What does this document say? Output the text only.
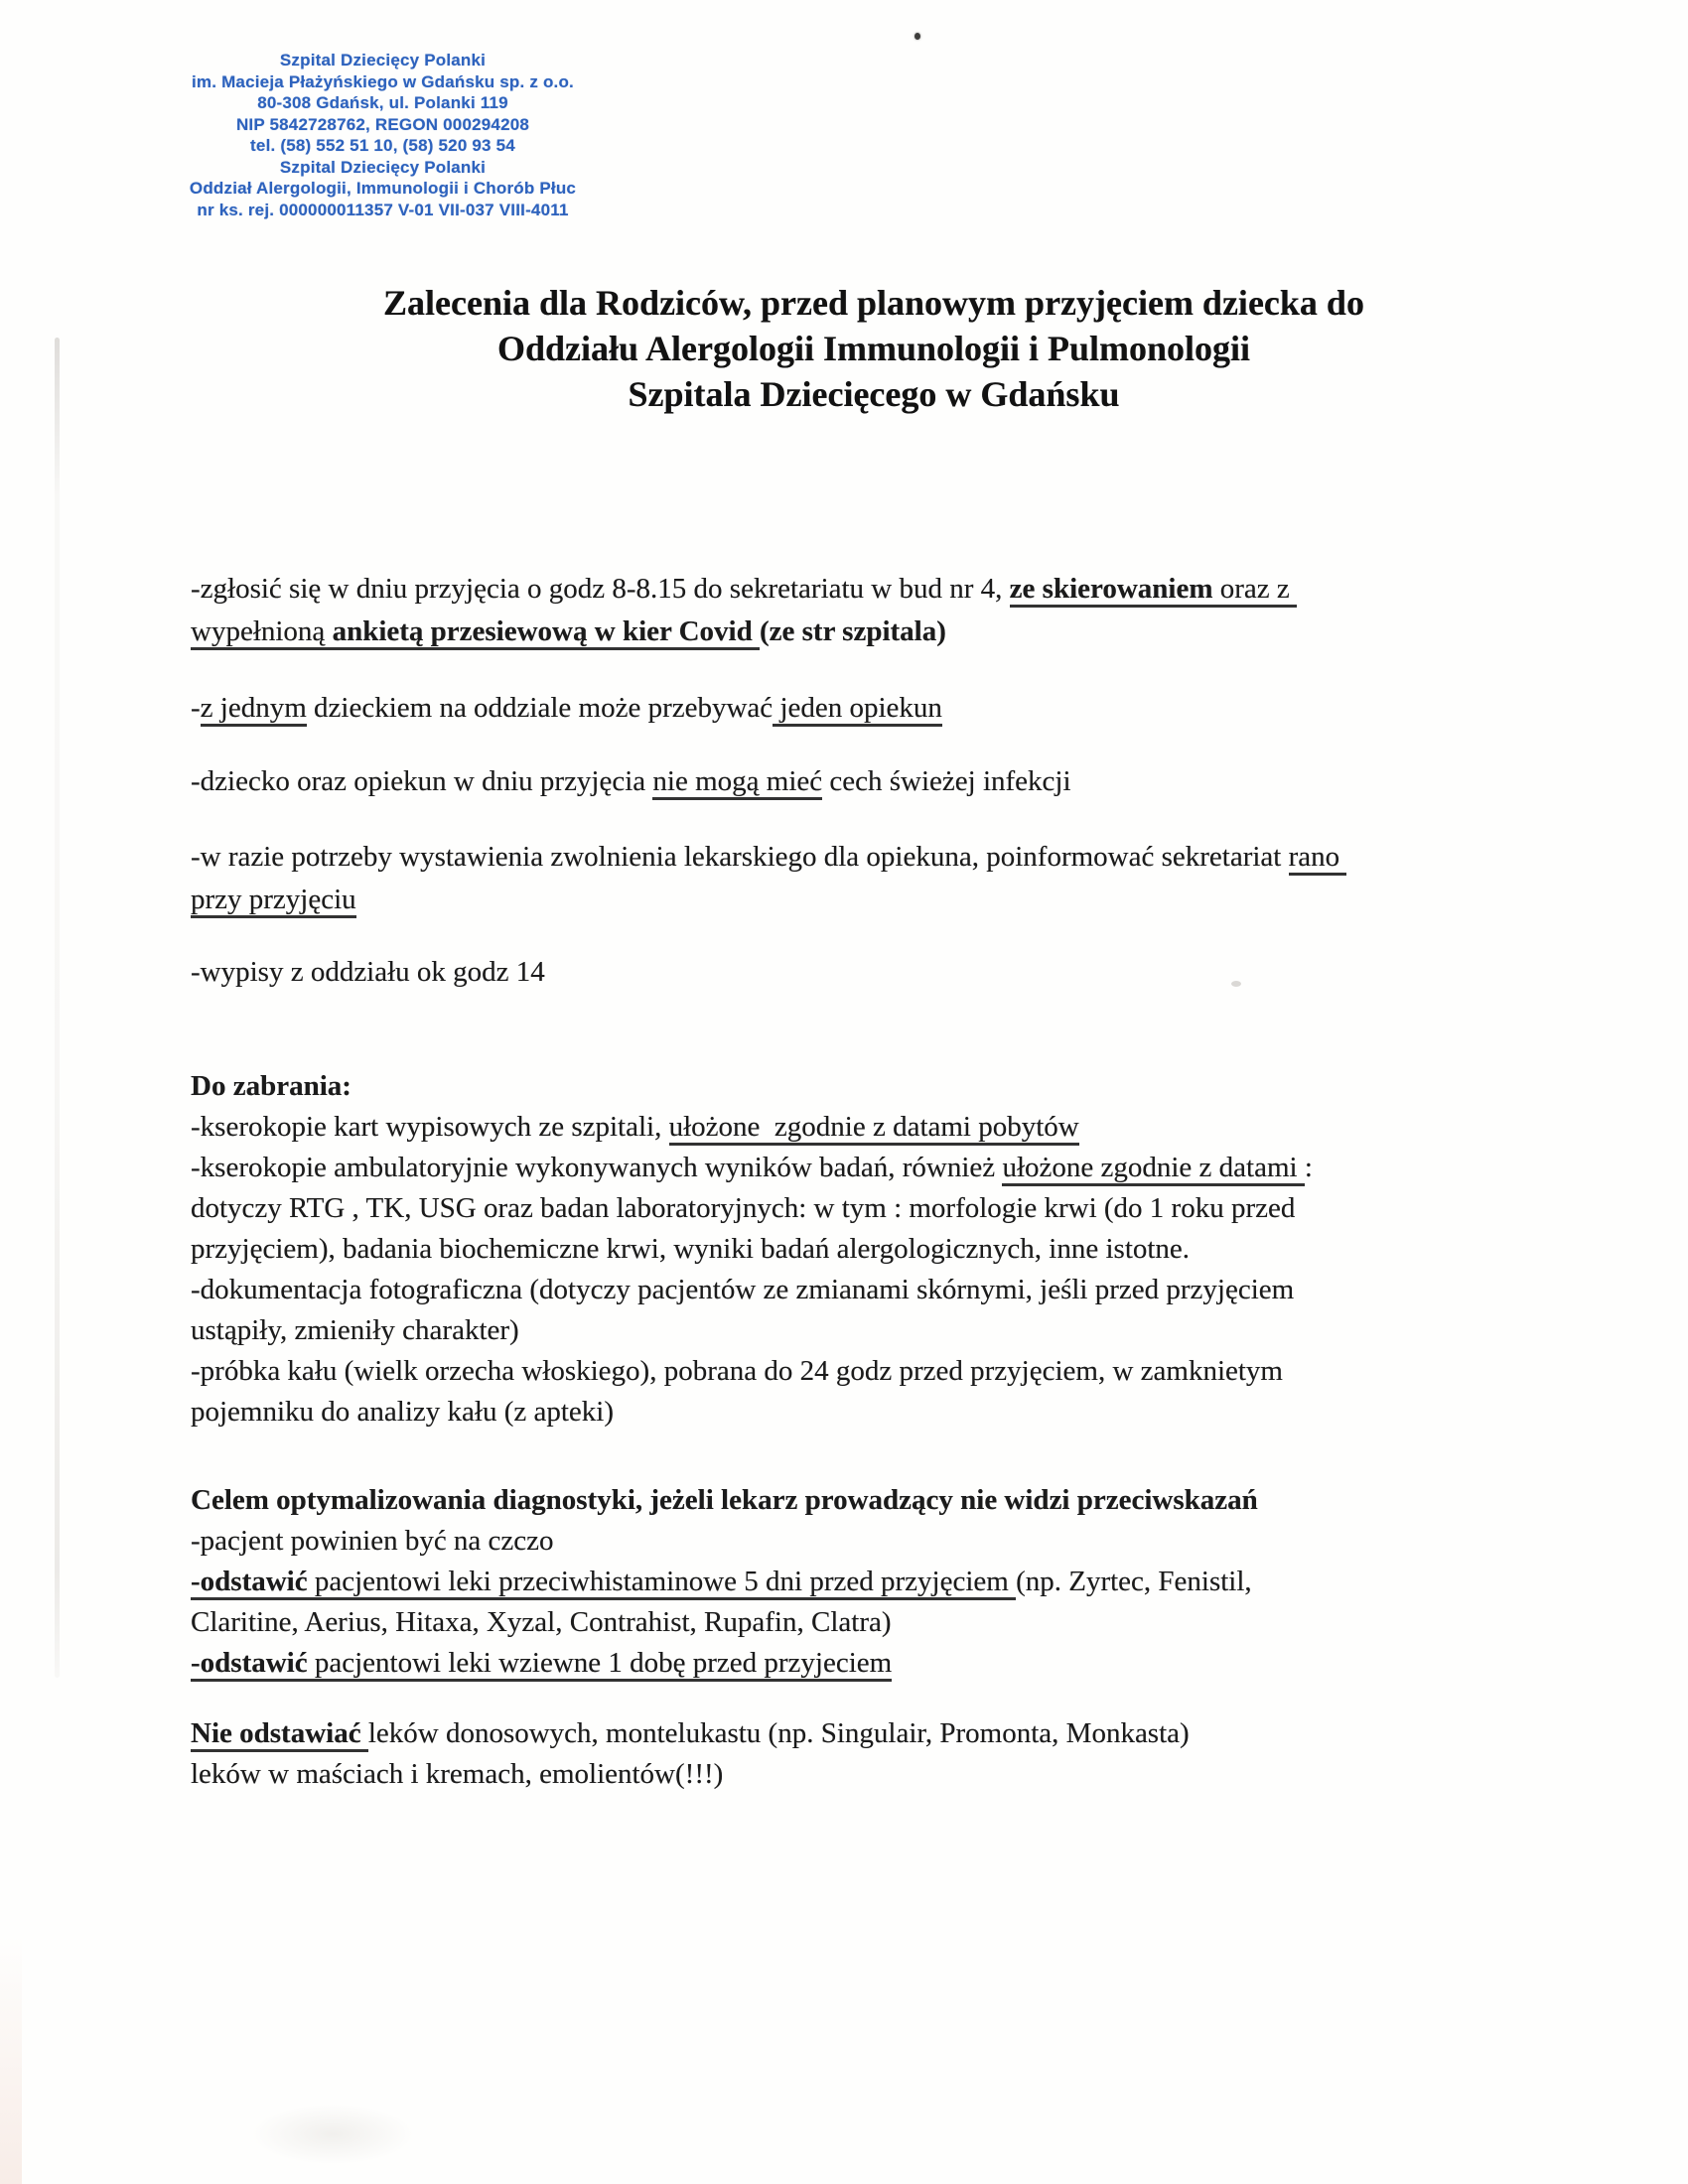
Szpital Dziecięcy Polanki
im. Macieja Płażyńskiego w Gdańsku sp. z o.o.
80-308 Gdańsk, ul. Polanki 119
NIP 5842728762, REGON 000294208
tel. (58) 552 51 10, (58) 520 93 54
Szpital Dziecięcy Polanki
Oddział Alergologii, Immunologii i Chorób Płuc
nr ks. rej. 000000011357 V-01 VII-037 VIII-4011
Zalecenia dla Rodziców, przed planowym przyjęciem dziecka do
Oddziału Alergologii Immunologii i Pulmonologii
Szpitala Dziecięcego w Gdańsku
-zgłosić się w dniu przyjęcia o godz 8-8.15 do sekretariatu w bud nr 4, ze skierowaniem oraz z
wypełnioną ankietą przesiewową w kier Covid (ze str szpitala)
-z jednym dzieckiem na oddziale może przebywać jeden opiekun
-dziecko oraz opiekun w dniu przyjęcia nie mogą mieć cech świeżej infekcji
-w razie potrzeby wystawienia zwolnienia lekarskiego dla opiekuna, poinformować sekretariat rano
przy przyjęciu
-wypisy z oddziału ok godz 14
Do zabrania:
-kserokopie kart wypisowych ze szpitali, ułożone  zgodnie z datami pobytów
-kserokopie ambulatoryjnie wykonywanych wyników badań, również ułożone zgodnie z datami :
dotyczy RTG , TK, USG oraz badan laboratoryjnych: w tym : morfologie krwi (do 1 roku przed
przyjęciem), badania biochemiczne krwi, wyniki badań alergologicznych, inne istotne.
-dokumentacja fotograficzna (dotyczy pacjentów ze zmianami skórnymi, jeśli przed przyjęciem
ustąpiły, zmieniły charakter)
-próbka kału (wielk orzecha włoskiego), pobrana do 24 godz przed przyjęciem, w zamknietym
pojemniku do analizy kału (z apteki)
Celem optymalizowania diagnostyki, jeżeli lekarz prowadzący nie widzi przeciwskazań
-pacjent powinien być na czczo
-odstawić pacjentowi leki przeciwhistaminowe 5 dni przed przyjęciem (np. Zyrtec, Fenistil,
Claritine, Aerius, Hitaxa, Xyzal, Contrahist, Rupafin, Clatra)
-odstawić pacjentowi leki wziewne 1 dobę przed przyjeciem
Nie odstawiać leków donosowych, montelukastu (np. Singulair, Promonta, Monkasta)
leków w maściach i kremach, emolientów(!!!)
